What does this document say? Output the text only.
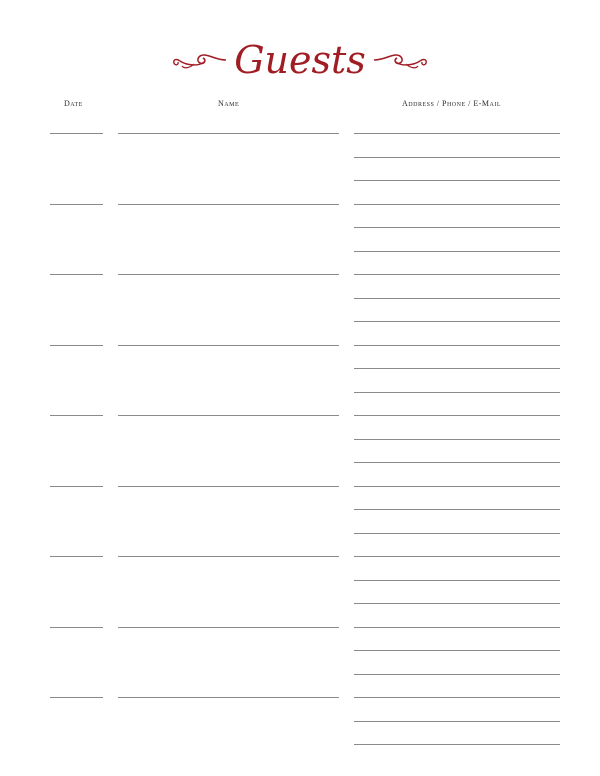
Guests
Date	Name	Address / Phone / E-Mail
